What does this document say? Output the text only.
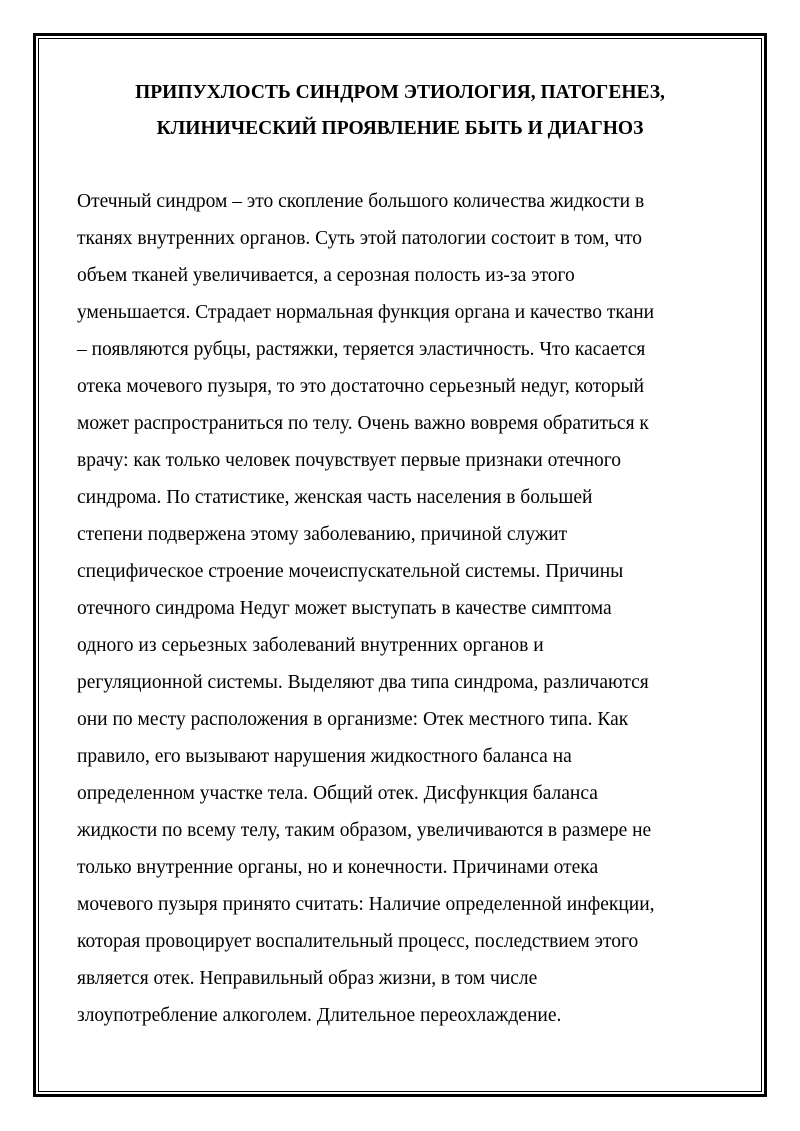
ПРИПУХЛОСТЬ СИНДРОМ ЭТИОЛОГИЯ, ПАТОГЕНЕЗ,
КЛИНИЧЕСКИЙ ПРОЯВЛЕНИЕ БЫТЬ И ДИАГНОЗ
Отечный синдром – это скопление большого количества жидкости в
тканях внутренних органов. Суть этой патологии состоит в том, что
объем тканей увеличивается, а серозная полость из-за этого
уменьшается. Страдает нормальная функция органа и качество ткани
– появляются рубцы, растяжки, теряется эластичность. Что касается
отека мочевого пузыря, то это достаточно серьезный недуг, который
может распространиться по телу. Очень важно вовремя обратиться к
врачу: как только человек почувствует первые признаки отечного
синдрома. По статистике, женская часть населения в большей
степени подвержена этому заболеванию, причиной служит
специфическое строение мочеиспускательной системы. Причины
отечного синдрома Недуг может выступать в качестве симптома
одного из серьезных заболеваний внутренних органов и
регуляционной системы. Выделяют два типа синдрома, различаются
они по месту расположения в организме: Отек местного типа. Как
правило, его вызывают нарушения жидкостного баланса на
определенном участке тела. Общий отек. Дисфункция баланса
жидкости по всему телу, таким образом, увеличиваются в размере не
только внутренние органы, но и конечности. Причинами отека
мочевого пузыря принято считать: Наличие определенной инфекции,
которая провоцирует воспалительный процесс, последствием этого
является отек. Неправильный образ жизни, в том числе
злоупотребление алкоголем. Длительное переохлаждение.
